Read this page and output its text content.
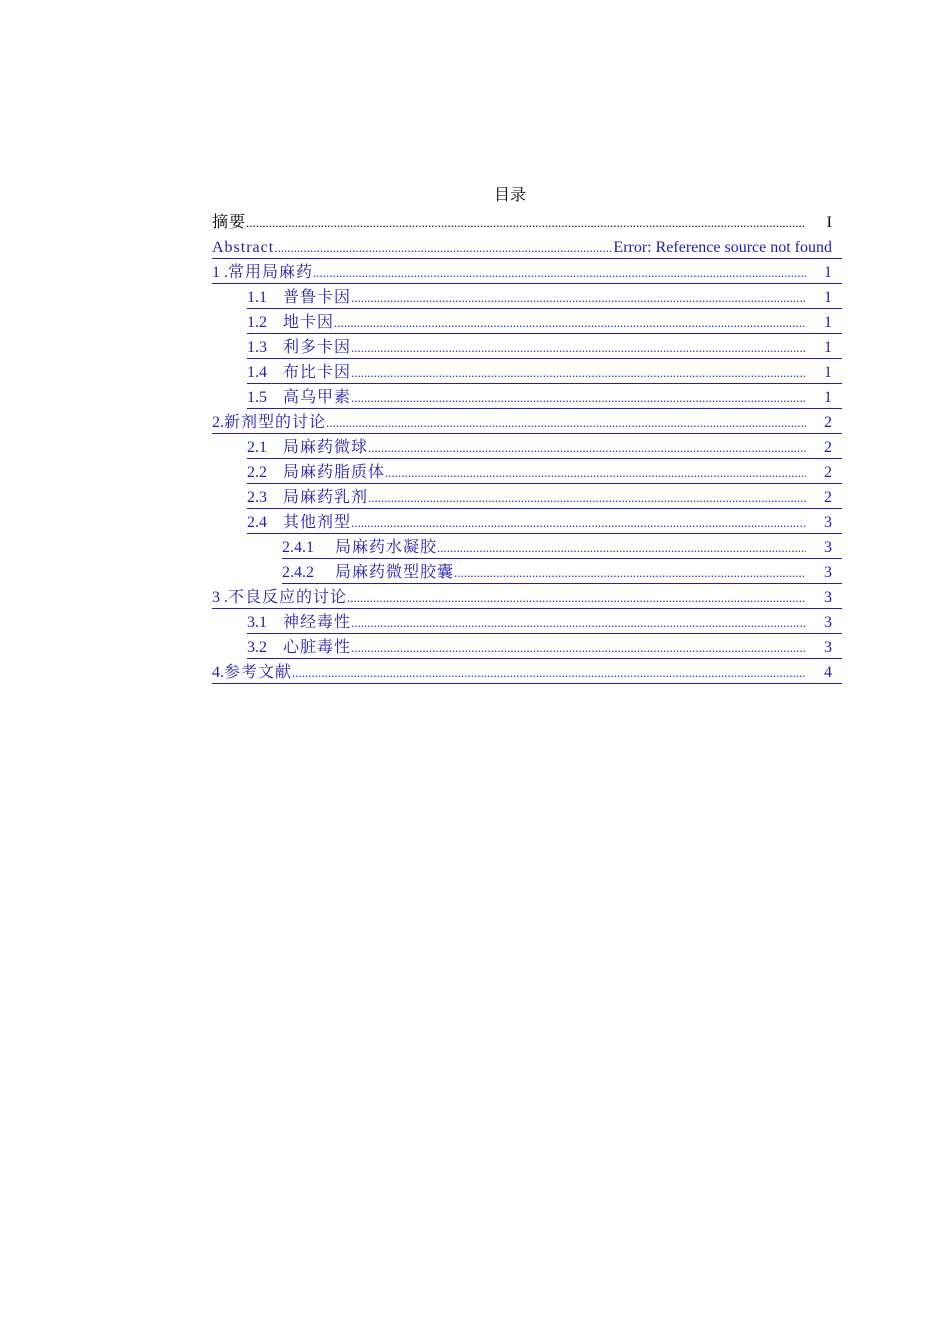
目录
摘要 .....	I
Abstract .....	Error: Reference source not found
1 . 常用局麻药 .....	1
1.1	普鲁卡因 .....	1
1.2	地卡因 .....	1
1.3	利多卡因 .....	1
1.4	布比卡因 .....	1
1.5	高乌甲素 .....	1
2. 新剂型的讨论 .....	2
2.1	局麻药微球 .....	2
2.2	局麻药脂质体 .....	2
2.3	局麻药乳剂 .....	2
2.4	其他剂型 .....	3
2.4.1	局麻药水凝胶 .....	3
2.4.2	局麻药微型胶囊 .....	3
3 . 不良反应的讨论 .....	3
3.1	神经毒性 .....	3
3.2	心脏毒性 .....	3
4. 参考文献 .....	4
